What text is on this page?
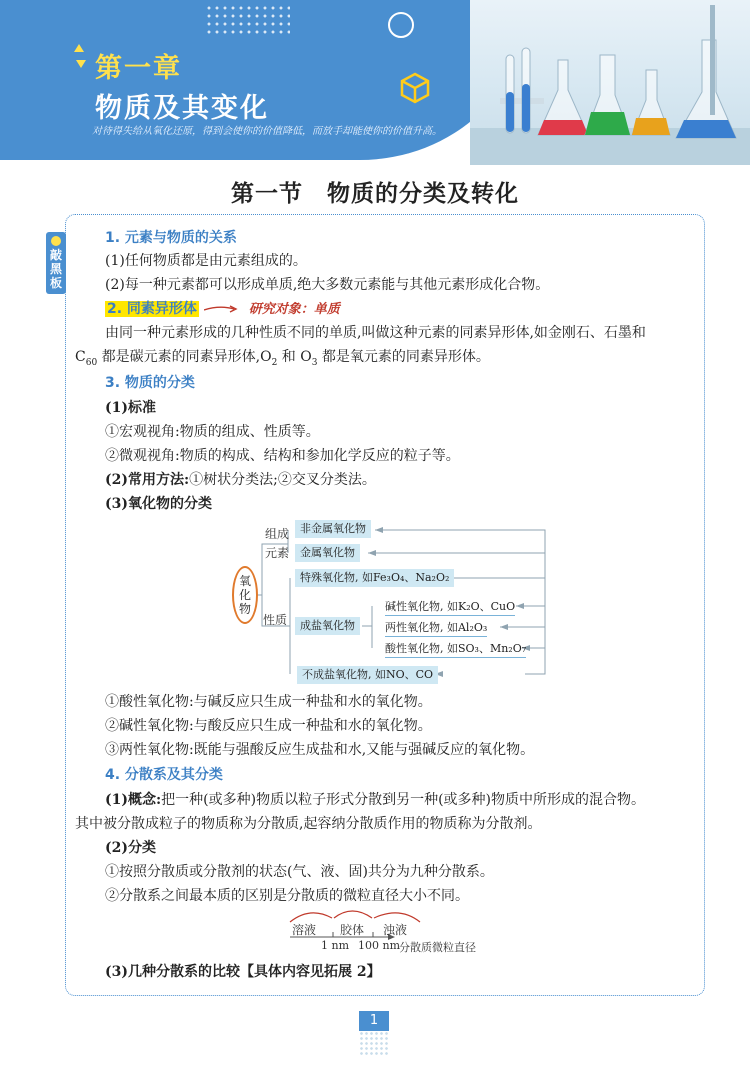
第一章
物质及其变化
对待得失给从氧化还原，得到会使你的价值降低，而放手却能使你的价值升高。
第一节　物质的分类及转化
敲黑板
1. 元素与物质的关系
(1)任何物质都是由元素组成的。
(2)每一种元素都可以形成单质,绝大多数元素能与其他元素形成化合物。
2. 同素异形体	研究对象：单质
由同一种元素形成的几种性质不同的单质,叫做这种元素的同素异形体,如金刚石、石墨和
$C_{60}$ 都是碳元素的同素异形体$,O_2$ 和 $O_3$ 都是氧元素的同素异形体。
3. 物质的分类
(1)标准
①宏观视角:物质的组成、性质等。
②微观视角:物质的构成、结构和参加化学反应的粒子等。
(2)常用方法:①树状分类法;②交叉分类法。
(3)氧化物的分类
氧化物
组成
元素
性质
非金属氧化物
金属氧化物
特殊氧化物, 如Fe₃O₄、Na₂O₂
成盐氧化物
碱性氧化物, 如K₂O、CuO
两性氧化物, 如Al₂O₃
酸性氧化物, 如SO₃、Mn₂O₇
不成盐氧化物, 如NO、CO
①酸性氧化物:与碱反应只生成一种盐和水的氧化物。
②碱性氧化物:与酸反应只生成一种盐和水的氧化物。
③两性氧化物:既能与强酸反应生成盐和水,又能与强碱反应的氧化物。
4. 分散系及其分类
(1)概念:把一种(或多种)物质以粒子形式分散到另一种(或多种)物质中所形成的混合物。
其中被分散成粒子的物质称为分散质,起容纳分散质作用的物质称为分散剂。
(2)分类
①按照分散质或分散剂的状态(气、液、固)共分为九种分散系。
②分散系之间最本质的区别是分散质的微粒直径大小不同。
溶液 胶体 浊液
1 nm 100 nm
分散质微粒直径
(3)几种分散系的比较【具体内容见拓展 2】
1
